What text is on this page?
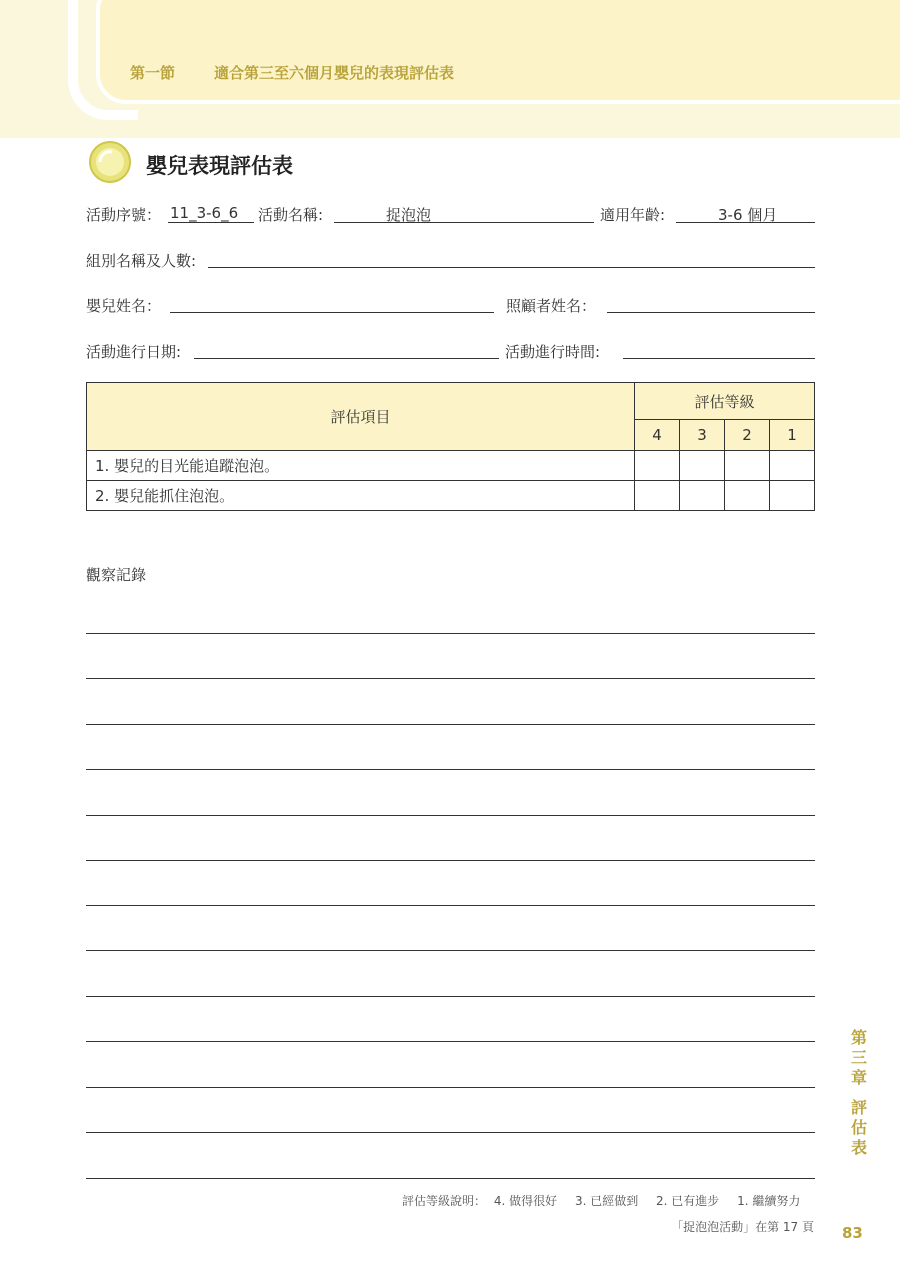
第一節	適合第三至六個月嬰兒的表現評估表
嬰兒表現評估表
活動序號： 11_3-6_6 活動名稱:	捉泡泡	適用年齡:	3-6 個月
組別名稱及人數:
嬰兒姓名：	照顧者姓名：
活動進行日期:	活動進行時間:
評估項目	評估等級			
	4	3	2	1
1. 嬰兒的目光能追蹤泡泡。				
2. 嬰兒能抓住泡泡。				
觀察記錄
第
三
章
評
估
表
評估等級說明： 4. 做得很好 3. 已經做到 2. 已有進步 1. 繼續努力
「捉泡泡活動」在第 17 頁 83
